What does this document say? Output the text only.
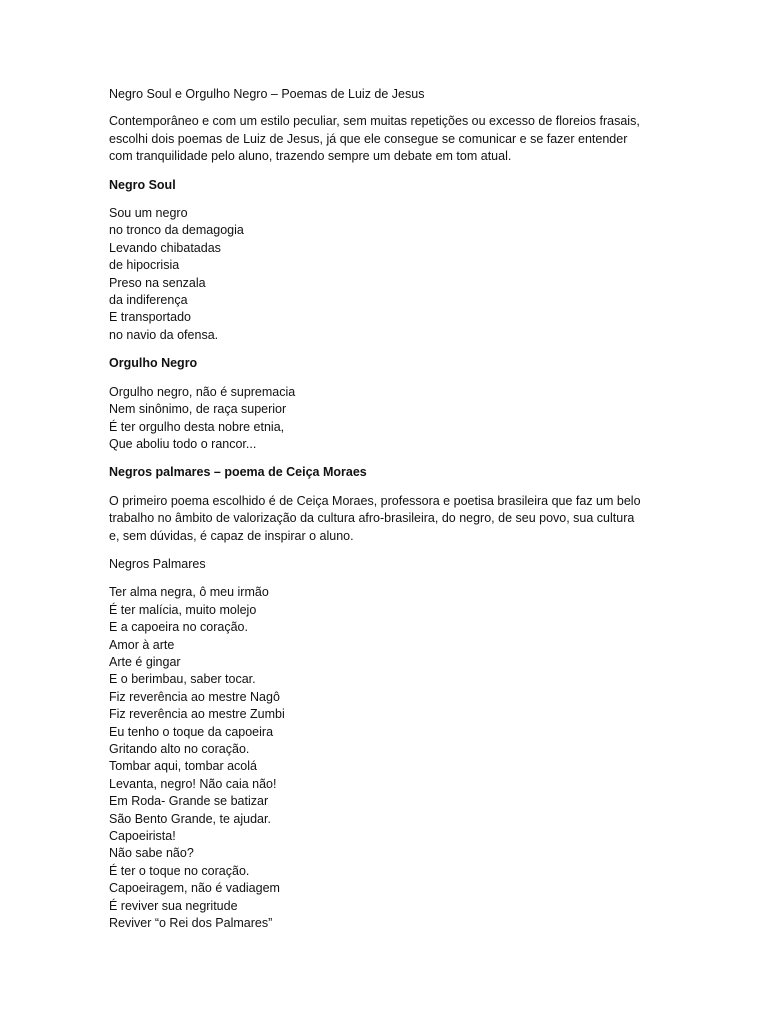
Negro Soul e Orgulho Negro – Poemas de Luiz de Jesus

Contemporâneo e com um estilo peculiar, sem muitas repetições ou excesso de floreios frasais,
escolhi dois poemas de Luiz de Jesus, já que ele consegue se comunicar e se fazer entender
com tranquilidade pelo aluno, trazendo sempre um debate em tom atual.

Negro Soul

Sou um negro
no tronco da demagogia
Levando chibatadas
de hipocrisia
Preso na senzala
da indiferença
E transportado
no navio da ofensa.

Orgulho Negro

Orgulho negro, não é supremacia
Nem sinônimo, de raça superior
É ter orgulho desta nobre etnia,
Que aboliu todo o rancor...

Negros palmares – poema de Ceiça Moraes

O primeiro poema escolhido é de Ceiça Moraes, professora e poetisa brasileira que faz um belo
trabalho no âmbito de valorização da cultura afro-brasileira, do negro, de seu povo, sua cultura
e, sem dúvidas, é capaz de inspirar o aluno.

Negros Palmares

Ter alma negra, ô meu irmão
É ter malícia, muito molejo
E a capoeira no coração.
Amor à arte
Arte é gingar
E o berimbau, saber tocar.
Fiz reverência ao mestre Nagô
Fiz reverência ao mestre Zumbi
Eu tenho o toque da capoeira
Gritando alto no coração.
Tombar aqui, tombar acolá
Levanta, negro! Não caia não!
Em Roda- Grande se batizar
São Bento Grande, te ajudar.
Capoeirista!
Não sabe não?
É ter o toque no coração.
Capoeiragem, não é vadiagem
É reviver sua negritude
Reviver “o Rei dos Palmares”
